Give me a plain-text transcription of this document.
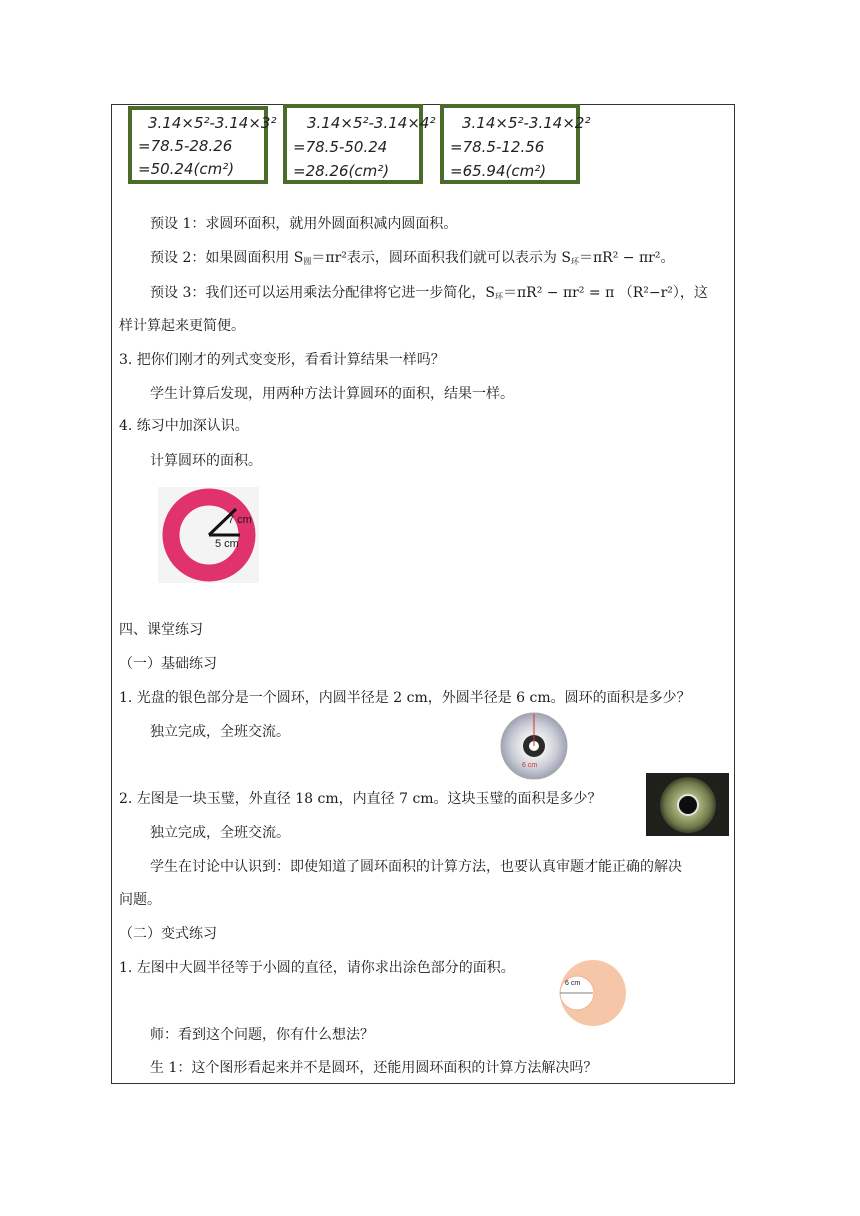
3.14×5²-3.14×3²
=78.5-28.26
=50.24(cm²)
3.14×5²-3.14×4²
=78.5-50.24
=28.26(cm²)
3.14×5²-3.14×2²
=78.5-12.56
=65.94(cm²)
预设 1：求圆环面积，就用外圆面积减内圆面积。
预设 2：如果圆面积用 $S_圆=\pi r^2$表示，圆环面积我们就可以表示为 $S_环=\pi R^2 - \pi r^2$。
预设 3：我们还可以运用乘法分配律将它进一步简化，$S_环=\pi R^2 - \pi r^2 = \pi$ （R²−r²），这
样计算起来更简便。
3. 把你们刚才的列式变变形，看看计算结果一样吗？
学生计算后发现，用两种方法计算圆环的面积，结果一样。
4. 练习中加深认识。
计算圆环的面积。
7 cm
5 cm
四、课堂练习
（一）基础练习
1. 光盘的银色部分是一个圆环，内圆半径是 2 cm，外圆半径是 6 cm。圆环的面积是多少？
独立完成，全班交流。
6 cm
2. 左图是一块玉璧，外直径 18 cm，内直径 7 cm。这块玉璧的面积是多少？
独立完成，全班交流。
学生在讨论中认识到：即使知道了圆环面积的计算方法，也要认真审题才能正确的解决
问题。
（二）变式练习
1. 左图中大圆半径等于小圆的直径，请你求出涂色部分的面积。
6 cm
师：看到这个问题，你有什么想法？
生 1：这个图形看起来并不是圆环，还能用圆环面积的计算方法解决吗？
